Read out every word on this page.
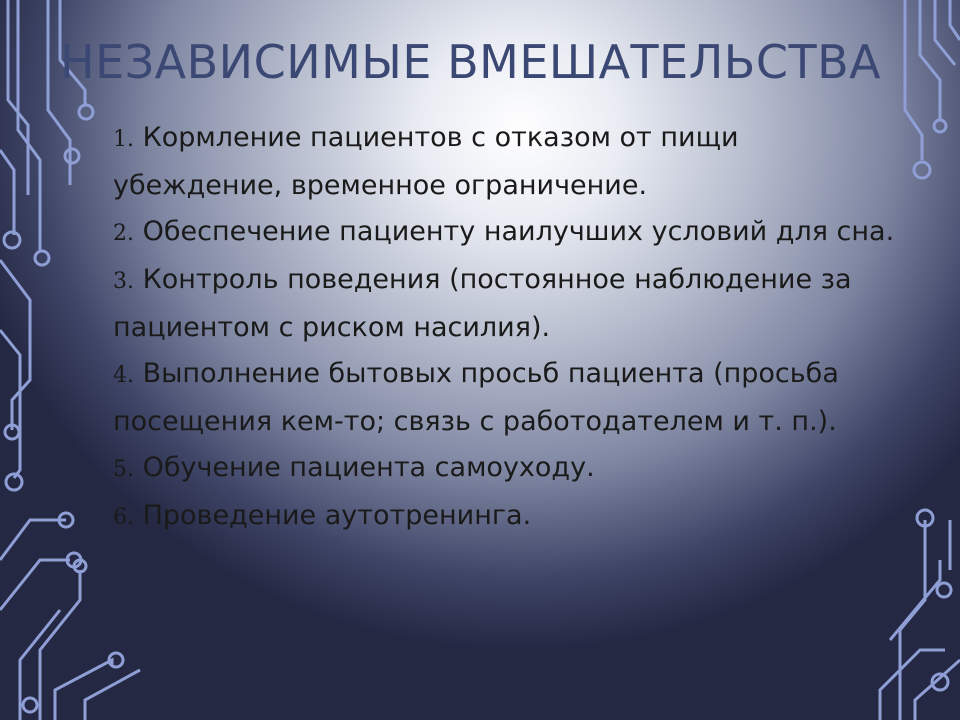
НЕЗАВИСИМЫЕ ВМЕШАТЕЛЬСТВА

1. Кормление пациентов с отказом от пищи убеждение, временное ограничение.

2. Обеспечение пациенту наилучших условий для сна.

3. Контроль поведения (постоянное наблюдение за пациентом с риском насилия).

4. Выполнение бытовых просьб пациента (просьба посещения кем-то; связь с работодателем и т. п.).

5. Обучение пациента самоуходу.

6. Проведение аутотренинга.
